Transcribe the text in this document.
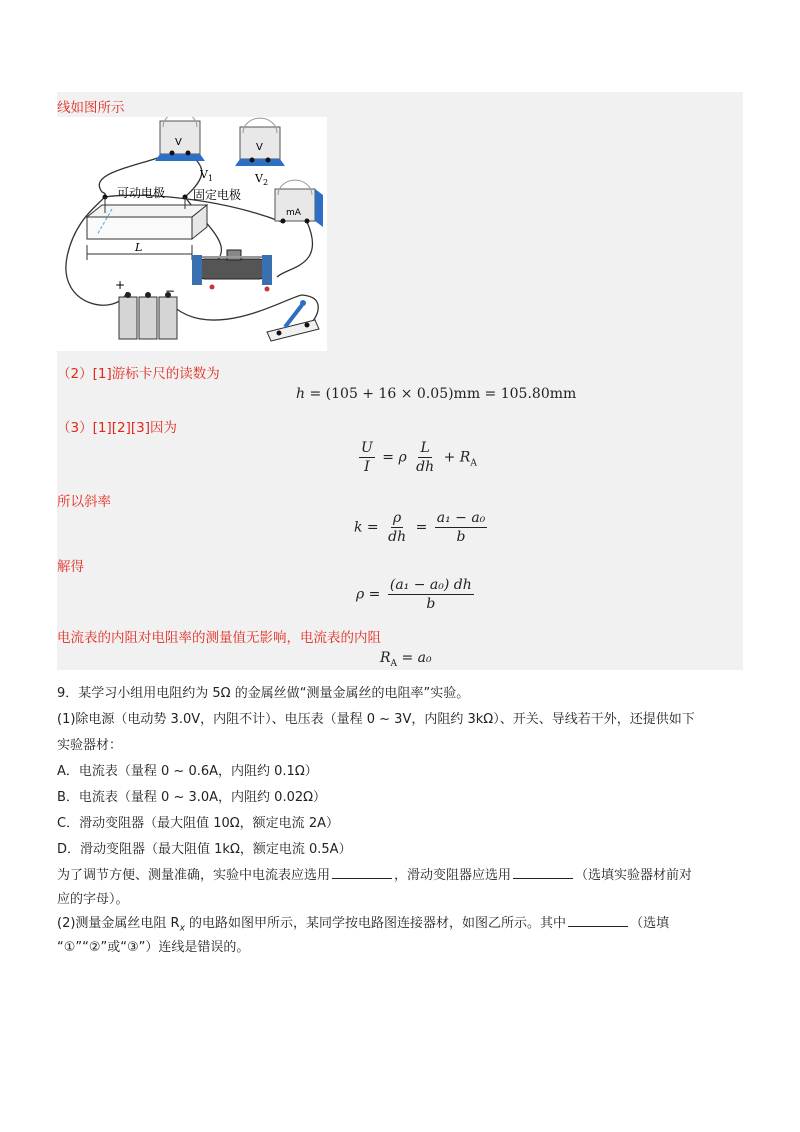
线如图所示
V
V 1
V
V 2
mA
可动电极 固定电极
L
+	−
（2）[1]游标卡尺的读数为
h = (105 + 16 × 0.05)mm = 105.80mm
（3）[1][2][3]因为
$\frac{U}{I} = \rho \frac{L}{dh} + R_A$
所以斜率
$k = \frac{\rho}{dh} = \frac{\text{a₁ − a₀}}{b}$
解得
$\rho = \frac{\text{(a₁ − a₀) dh}}{b}$
电流表的内阻对电阻率的测量值无影响，电流表的内阻
$R_A = a_0$
9．某学习小组用电阻约为 5Ω 的金属丝做“测量金属丝的电阻率”实验。
(1)除电源（电动势 3.0V，内阻不计）、电压表（量程 0 ~ 3V，内阻约 3kΩ）、开关、导线若干外，还提供如下
实验器材：
A．电流表（量程 0 ~ 0.6A，内阻约 0.1Ω）
B．电流表（量程 0 ~ 3.0A，内阻约 0.02Ω）
C．滑动变阻器（最大阻值 10Ω，额定电流 2A）
D．滑动变阻器（最大阻值 1kΩ，额定电流 0.5A）
为了调节方便、测量准确，实验中电流表应选用	，滑动变阻器应选用	（选填实验器材前对
应的字母）。
(2)测量金属丝电阻 $R_x$ 的电路如图甲所示，某同学按电路图连接器材，如图乙所示。其中	（选填
“①”“②”或“③”）连线是错误的。
